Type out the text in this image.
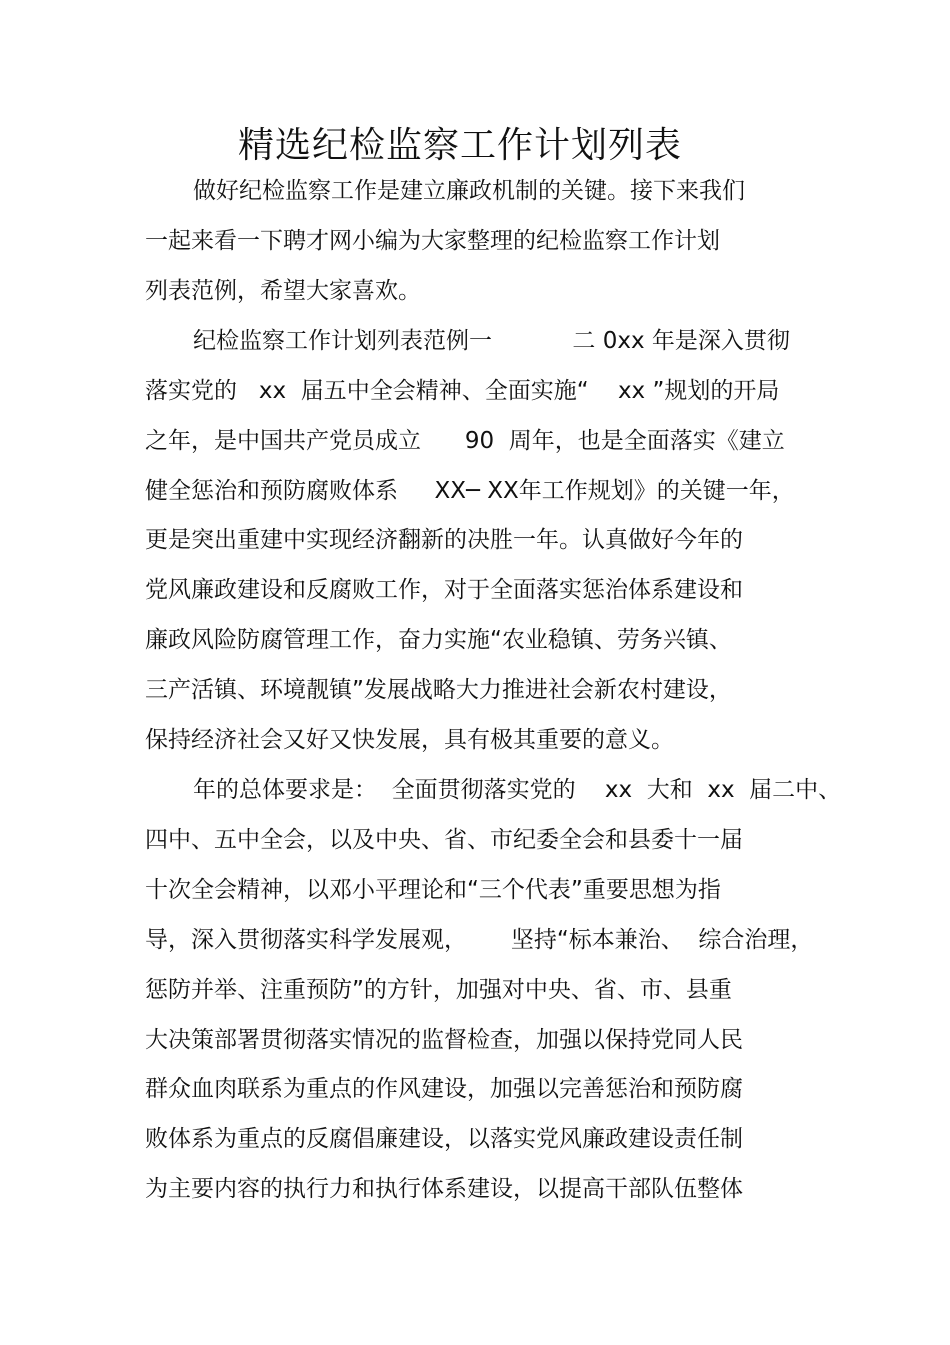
精选纪检监察工作计划列表

做好纪检监察工作是建立廉政机制的关键。接下来我们

一起来看一下聘才网小编为大家整理的纪检监察工作计划

列表范例，希望大家喜欢。

纪检监察工作计划列表范例一           二 0xx 年是深入贯彻

落实党的   xx  届五中全会精神、全面实施“    xx ”规划的开局

之年，是中国共产党员成立      90  周年，也是全面落实《建立

健全惩治和预防腐败体系     XX─ XX年工作规划》的关键一年，

更是突出重建中实现经济翻新的决胜一年。认真做好今年的

党风廉政建设和反腐败工作，对于全面落实惩治体系建设和

廉政风险防腐管理工作，奋力实施“农业稳镇、劳务兴镇、

三产活镇、环境靓镇”发展战略大力推进社会新农村建设，

保持经济社会又好又快发展，具有极其重要的意义。

年的总体要求是：  全面贯彻落实党的    xx  大和  xx  届二中、

四中、五中全会，以及中央、省、市纪委全会和县委十一届

十次全会精神，以邓小平理论和“三个代表”重要思想为指

导，深入贯彻落实科学发展观，      坚持“标本兼治、  综合治理，

惩防并举、注重预防”的方针，加强对中央、省、市、县重

大决策部署贯彻落实情况的监督检查，加强以保持党同人民

群众血肉联系为重点的作风建设，加强以完善惩治和预防腐

败体系为重点的反腐倡廉建设，以落实党风廉政建设责任制

为主要内容的执行力和执行体系建设，以提高干部队伍整体
